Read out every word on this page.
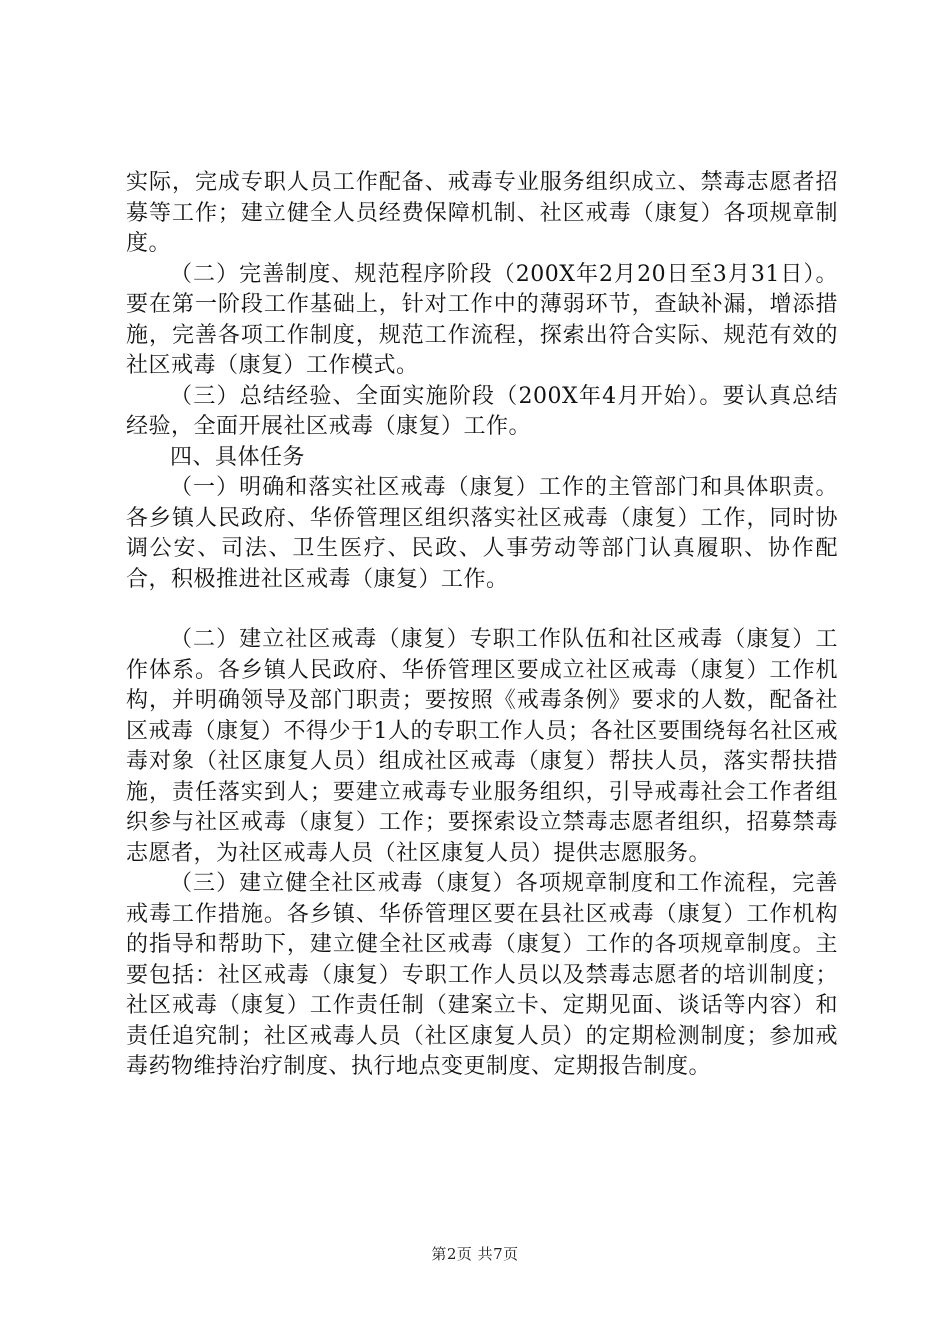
实际，完成专职人员工作配备、戒毒专业服务组织成立、禁毒志愿者招募等工作；建立健全人员经费保障机制、社区戒毒（康复）各项规章制度。

（二）完善制度、规范程序阶段（200X年2月20日至3月31日）。要在第一阶段工作基础上，针对工作中的薄弱环节，查缺补漏，增添措施，完善各项工作制度，规范工作流程，探索出符合实际、规范有效的社区戒毒（康复）工作模式。

（三）总结经验、全面实施阶段（200X年4月开始）。要认真总结经验，全面开展社区戒毒（康复）工作。

四、具体任务

（一）明确和落实社区戒毒（康复）工作的主管部门和具体职责。各乡镇人民政府、华侨管理区组织落实社区戒毒（康复）工作，同时协调公安、司法、卫生医疗、民政、人事劳动等部门认真履职、协作配合，积极推进社区戒毒（康复）工作。

（二）建立社区戒毒（康复）专职工作队伍和社区戒毒（康复）工作体系。各乡镇人民政府、华侨管理区要成立社区戒毒（康复）工作机构，并明确领导及部门职责；要按照《戒毒条例》要求的人数，配备社区戒毒（康复）不得少于1人的专职工作人员；各社区要围绕每名社区戒毒对象（社区康复人员）组成社区戒毒（康复）帮扶人员，落实帮扶措施，责任落实到人；要建立戒毒专业服务组织，引导戒毒社会工作者组织参与社区戒毒（康复）工作；要探索设立禁毒志愿者组织，招募禁毒志愿者，为社区戒毒人员（社区康复人员）提供志愿服务。

（三）建立健全社区戒毒（康复）各项规章制度和工作流程，完善戒毒工作措施。各乡镇、华侨管理区要在县社区戒毒（康复）工作机构的指导和帮助下，建立健全社区戒毒（康复）工作的各项规章制度。主要包括：社区戒毒（康复）专职工作人员以及禁毒志愿者的培训制度；社区戒毒（康复）工作责任制（建案立卡、定期见面、谈话等内容）和责任追究制；社区戒毒人员（社区康复人员）的定期检测制度；参加戒毒药物维持治疗制度、执行地点变更制度、定期报告制度。

第2页 共7页
